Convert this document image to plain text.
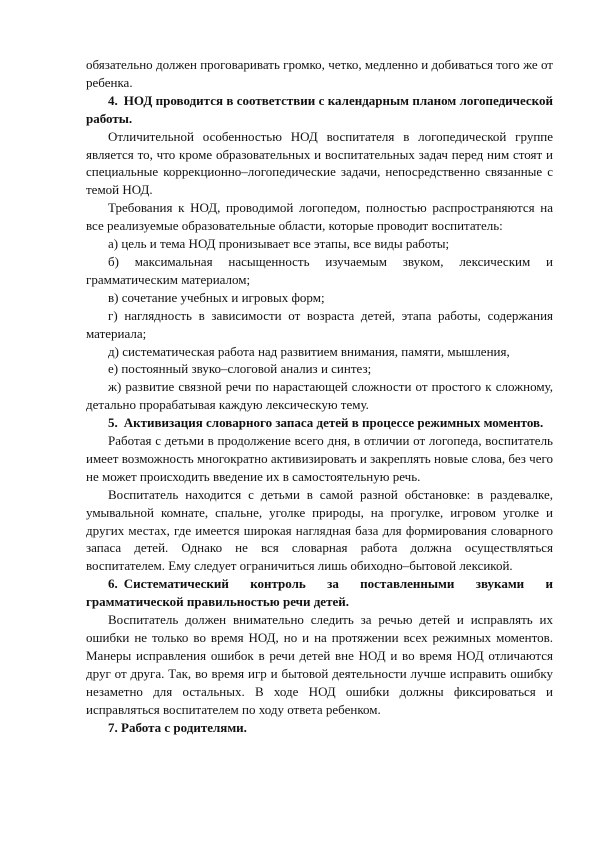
обязательно должен проговаривать громко, четко, медленно и добиваться того же от ребенка.

4. НОД проводится в соответствии с календарным планом логопедической работы.

Отличительной особенностью НОД воспитателя в логопедической группе является то, что кроме образовательных и воспитательных задач перед ним стоят и специальные коррекционно–логопедические задачи, непосредственно связанные с темой НОД.

Требования к НОД, проводимой логопедом, полностью распространяются на все реализуемые образовательные области, которые проводит воспитатель:

а) цель и тема НОД пронизывает все этапы, все виды работы;

б) максимальная насыщенность изучаемым звуком, лексическим и грамматическим материалом;

в) сочетание учебных и игровых форм;

г) наглядность в зависимости от возраста детей, этапа работы, содержания материала;

д) систематическая работа над развитием внимания, памяти, мышления,

е) постоянный звуко–слоговой анализ и синтез;

ж) развитие связной речи по нарастающей сложности от простого к сложному, детально прорабатывая каждую лексическую тему.

5. Активизация словарного запаса детей в процессе режимных моментов.

Работая с детьми в продолжение всего дня, в отличии от логопеда, воспитатель имеет возможность многократно активизировать и закреплять новые слова, без чего не может происходить введение их в самостоятельную речь.

Воспитатель находится с детьми в самой разной обстановке: в раздевалке, умывальной комнате, спальне, уголке природы, на прогулке, игровом уголке и других местах, где имеется широкая наглядная база для формирования словарного запаса детей. Однако не вся словарная работа должна осуществляться воспитателем. Ему следует ограничиться лишь обиходно–бытовой лексикой.

6. Систематический контроль за поставленными звуками и грамматической правильностью речи детей.

Воспитатель должен внимательно следить за речью детей и исправлять их ошибки не только во время НОД, но и на протяжении всех режимных моментов. Манеры исправления ошибок в речи детей вне НОД и во время НОД отличаются друг от друга. Так, во время игр и бытовой деятельности лучше исправить ошибку незаметно для остальных. В ходе НОД ошибки должны фиксироваться и исправляться воспитателем по ходу ответа ребенком.

7. Работа с родителями.
